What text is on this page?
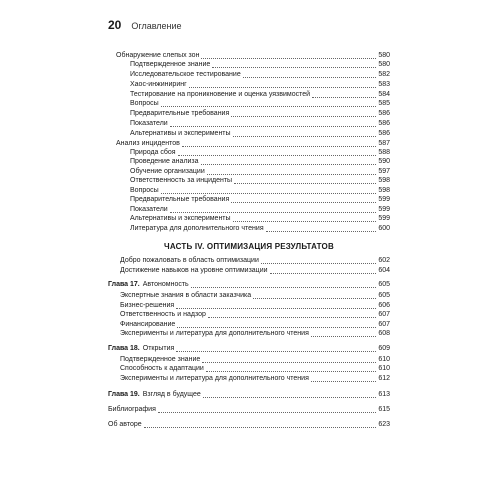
20 Оглавление
ЧАСТЬ IV. ОПТИМИЗАЦИЯ РЕЗУЛЬТАТОВ
Обнаружение слепых зон	580
Подтвержденное знание	580
Исследовательское тестирование	582
Хаос-инжиниринг	583
Тестирование на проникновение и оценка уязвимостей	584
Вопросы	585
Предварительные требования	586
Показатели	586
Альтернативы и эксперименты	586
Анализ инцидентов	587
Природа сбоя	588
Проведение анализа	590
Обучение организации	597
Ответственность за инциденты	598
Вопросы	598
Предварительные требования	599
Показатели	599
Альтернативы и эксперименты	599
Литература для дополнительного чтения	600
Добро пожаловать в область оптимизации	602
Достижение навыков на уровне оптимизации	604
Глава 17. Автономность	605
Экспертные знания в области заказчика	605
Бизнес-решения	606
Ответственность и надзор	607
Финансирование	607
Эксперименты и литература для дополнительного чтения	608
Глава 18. Открытия	609
Подтвержденное знание	610
Способность к адаптации	610
Эксперименты и литература для дополнительного чтения	612
Глава 19. Взгляд в будущее	613
Библиография	615
Об авторе	623
